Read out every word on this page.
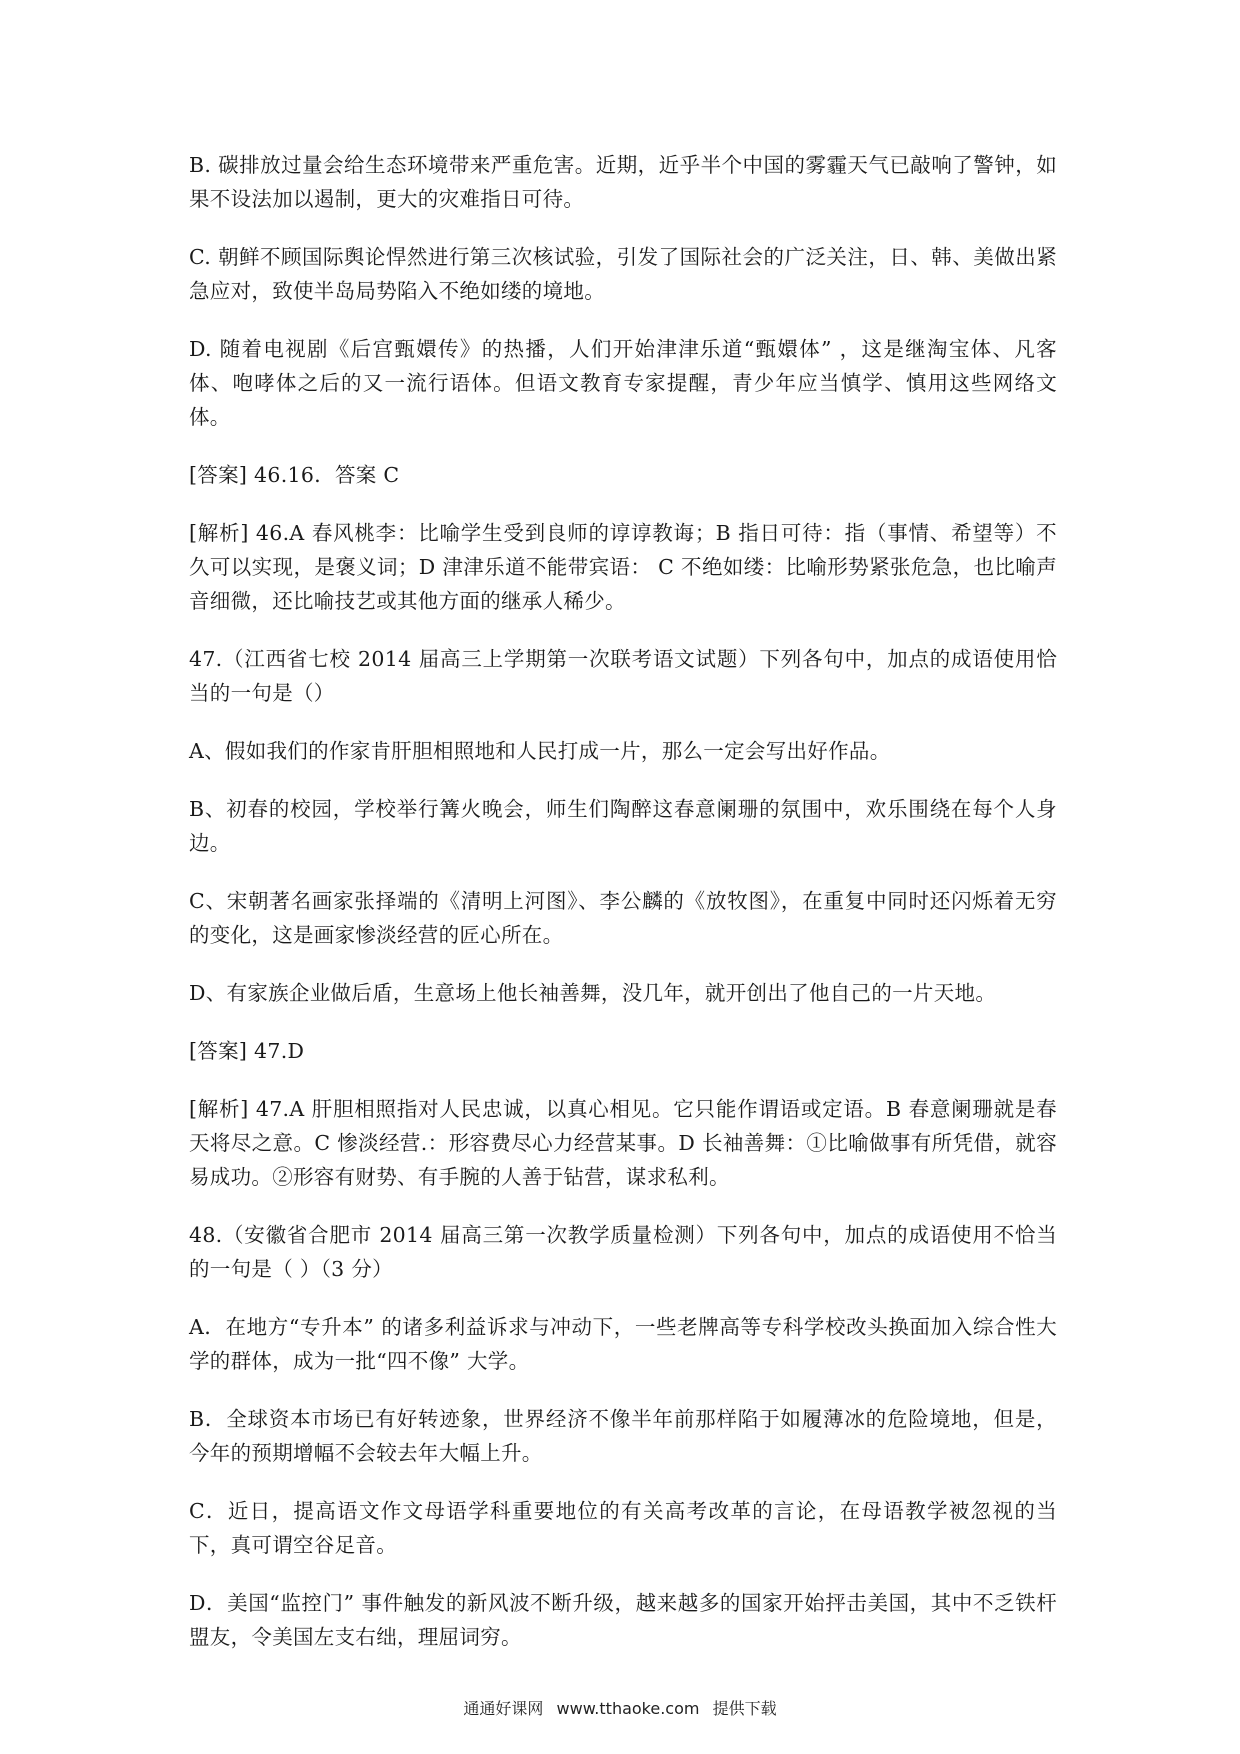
B. 碳排放过量会给生态环境带来严重危害。近期，近乎半个中国的雾霾天气已敲响了警钟，如果不设法加以遏制，更大的灾难指日可待。

C. 朝鲜不顾国际舆论悍然进行第三次核试验，引发了国际社会的广泛关注，日、韩、美做出紧急应对，致使半岛局势陷入不绝如缕的境地。

D. 随着电视剧《后宫甄嬛传》的热播，人们开始津津乐道“甄嬛体” ，这是继淘宝体、凡客体、咆哮体之后的又一流行语体。但语文教育专家提醒，青少年应当慎学、慎用这些网络文体。

[答案] 46.16．答案 C

[解析] 46.A 春风桃李：比喻学生受到良师的谆谆教诲；B 指日可待：指（事情、希望等）不久可以实现，是褒义词；D 津津乐道不能带宾语： C 不绝如缕：比喻形势紧张危急，也比喻声音细微，还比喻技艺或其他方面的继承人稀少。

47.（江西省七校 2014 届高三上学期第一次联考语文试题）下列各句中，加点的成语使用恰当的一句是（）

A、假如我们的作家肯肝胆相照地和人民打成一片，那么一定会写出好作品。

B、初春的校园，学校举行篝火晚会，师生们陶醉这春意阑珊的氛围中，欢乐围绕在每个人身边。

C、宋朝著名画家张择端的《清明上河图》、李公麟的《放牧图》，在重复中同时还闪烁着无穷的变化，这是画家惨淡经营的匠心所在。

D、有家族企业做后盾，生意场上他长袖善舞，没几年，就开创出了他自己的一片天地。

[答案] 47.D

[解析] 47.A 肝胆相照指对人民忠诚，以真心相见。它只能作谓语或定语。B 春意阑珊就是春天将尽之意。C 惨淡经营.：形容费尽心力经营某事。D 长袖善舞：①比喻做事有所凭借，就容易成功。②形容有财势、有手腕的人善于钻营，谋求私利。

48.（安徽省合肥市 2014 届高三第一次教学质量检测）下列各句中，加点的成语使用不恰当的一句是（ ）（3 分）

A．在地方“专升本” 的诸多利益诉求与冲动下，一些老牌高等专科学校改头换面加入综合性大学的群体，成为一批“四不像” 大学。

B．全球资本市场已有好转迹象，世界经济不像半年前那样陷于如履薄冰的危险境地，但是，今年的预期增幅不会较去年大幅上升。

C．近日，提高语文作文母语学科重要地位的有关高考改革的言论，在母语教学被忽视的当下，真可谓空谷足音。

D．美国“监控门” 事件触发的新风波不断升级，越来越多的国家开始抨击美国，其中不乏铁杆盟友，令美国左支右绌，理屈词穷。

通通好课网 www.tthaoke.com 提供下载
